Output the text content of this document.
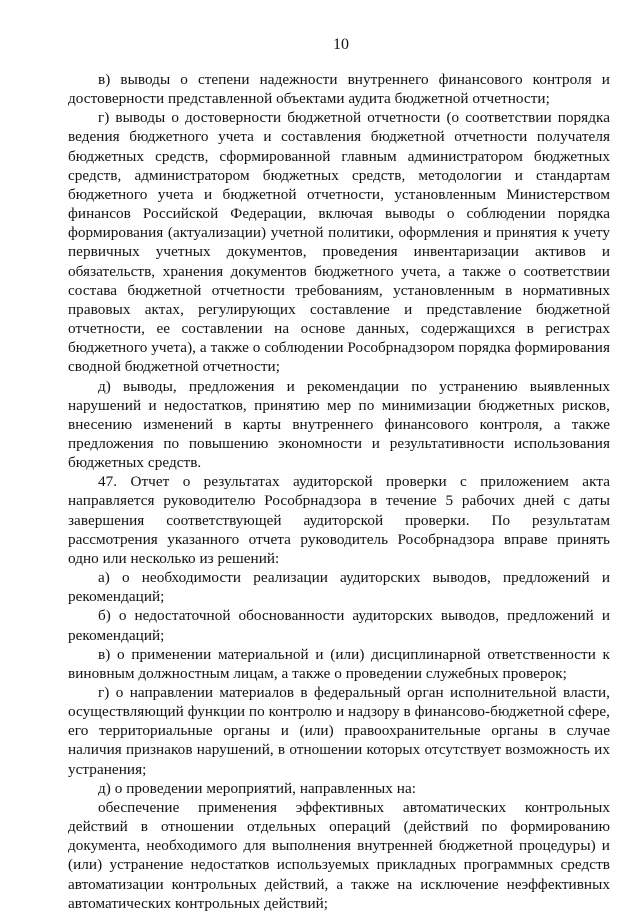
10

в) выводы о степени надежности внутреннего финансового контроля и достоверности представленной объектами аудита бюджетной отчетности;

г) выводы о достоверности бюджетной отчетности (о соответствии порядка ведения бюджетного учета и составления бюджетной отчетности получателя бюджетных средств, сформированной главным администратором бюджетных средств, администратором бюджетных средств, методологии и стандартам бюджетного учета и бюджетной отчетности, установленным Министерством финансов Российской Федерации, включая выводы о соблюдении порядка формирования (актуализации) учетной политики, оформления и принятия к учету первичных учетных документов, проведения инвентаризации активов и обязательств, хранения документов бюджетного учета, а также о соответствии состава бюджетной отчетности требованиям, установленным в нормативных правовых актах, регулирующих составление и представление бюджетной отчетности, ее составлении на основе данных, содержащихся в регистрах бюджетного учета), а также о соблюдении Рособрнадзором порядка формирования сводной бюджетной отчетности;

д) выводы, предложения и рекомендации по устранению выявленных нарушений и недостатков, принятию мер по минимизации бюджетных рисков, внесению изменений в карты внутреннего финансового контроля, а также предложения по повышению экономности и результативности использования бюджетных средств.

47. Отчет о результатах аудиторской проверки с приложением акта направляется руководителю Рособрнадзора в течение 5 рабочих дней с даты завершения соответствующей аудиторской проверки. По результатам рассмотрения указанного отчета руководитель Рособрнадзора вправе принять одно или несколько из решений:

а) о необходимости реализации аудиторских выводов, предложений и рекомендаций;

б) о недостаточной обоснованности аудиторских выводов, предложений и рекомендаций;

в) о применении материальной и (или) дисциплинарной ответственности к виновным должностным лицам, а также о проведении служебных проверок;

г) о направлении материалов в федеральный орган исполнительной власти, осуществляющий функции по контролю и надзору в финансово-бюджетной сфере, его территориальные органы и (или) правоохранительные органы в случае наличия признаков нарушений, в отношении которых отсутствует возможность их устранения;

д) о проведении мероприятий, направленных на:

обеспечение применения эффективных автоматических контрольных действий в отношении отдельных операций (действий по формированию документа, необходимого для выполнения внутренней бюджетной процедуры) и (или) устранение недостатков используемых прикладных программных средств автоматизации контрольных действий, а также на исключение неэффективных автоматических контрольных действий;
